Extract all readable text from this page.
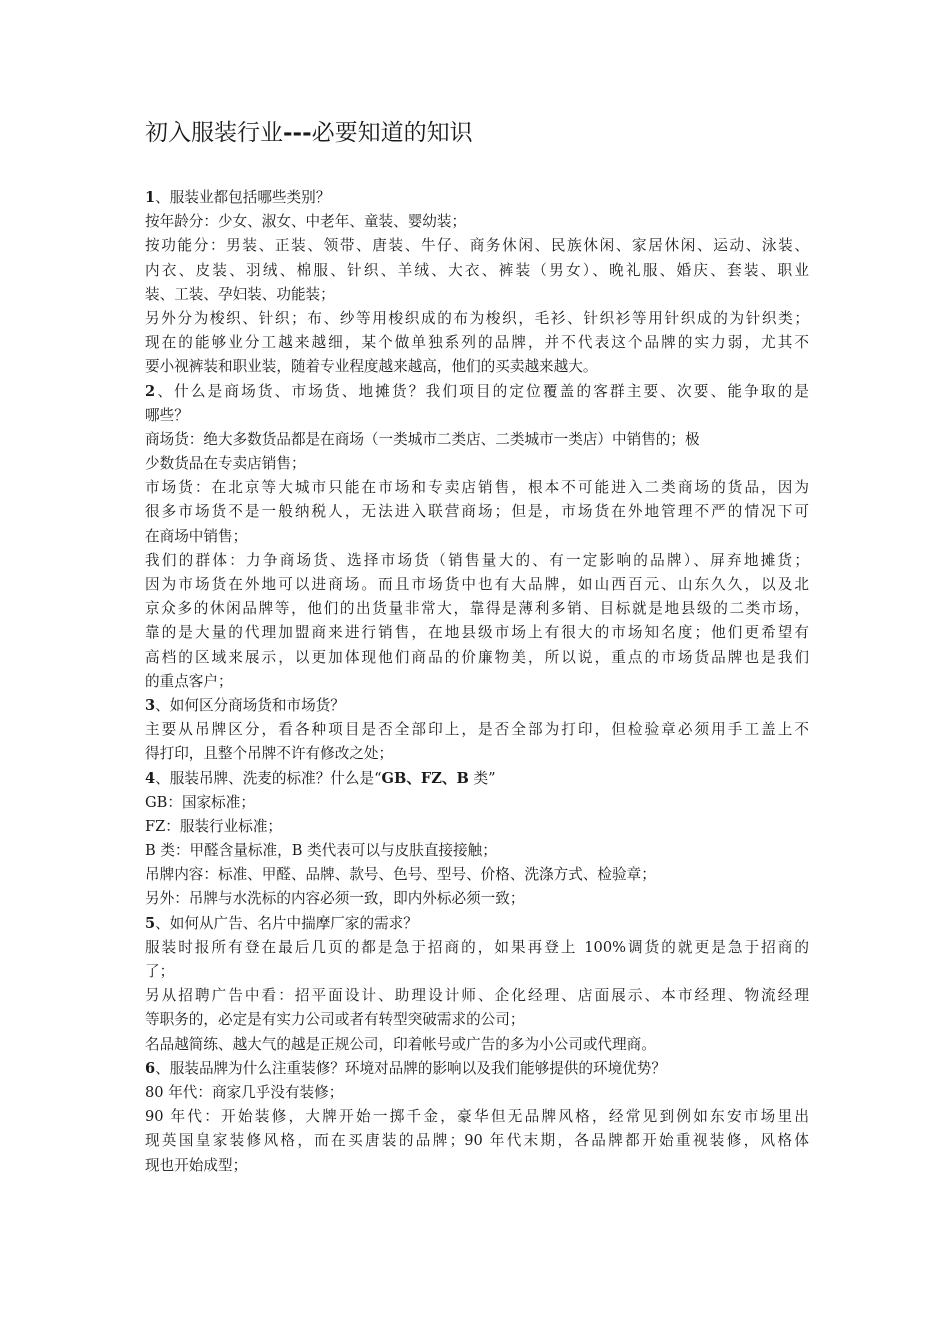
初入服装行业---必要知道的知识
1、服装业都包括哪些类别？
按年龄分：少女、淑女、中老年、童装、婴幼装；
按功能分：男装、正装、领带、唐装、牛仔、商务休闲、民族休闲、家居休闲、运动、泳装、
内衣、皮装、羽绒、棉服、针织、羊绒、大衣、裤装（男女）、晚礼服、婚庆、套装、职业
装、工装、孕妇装、功能装；
另外分为梭织、针织；布、纱等用梭织成的布为梭织，毛衫、针织衫等用针织成的为针织类；
现在的能够业分工越来越细，某个做单独系列的品牌，并不代表这个品牌的实力弱，尤其不
要小视裤装和职业装，随着专业程度越来越高，他们的买卖越来越大。
2、什么是商场货、市场货、地摊货？我们项目的定位覆盖的客群主要、次要、能争取的是
哪些？
商场货：绝大多数货品都是在商场（一类城市二类店、二类城市一类店）中销售的；极
少数货品在专卖店销售；
市场货：在北京等大城市只能在市场和专卖店销售，根本不可能进入二类商场的货品，因为
很多市场货不是一般纳税人，无法进入联营商场；但是，市场货在外地管理不严的情况下可
在商场中销售；
我们的群体：力争商场货、选择市场货（销售量大的、有一定影响的品牌）、屏弃地摊货；
因为市场货在外地可以进商场。而且市场货中也有大品牌，如山西百元、山东久久，以及北
京众多的休闲品牌等，他们的出货量非常大，靠得是薄利多销、目标就是地县级的二类市场，
靠的是大量的代理加盟商来进行销售，在地县级市场上有很大的市场知名度；他们更希望有
高档的区域来展示，以更加体现他们商品的价廉物美，所以说，重点的市场货品牌也是我们
的重点客户；
3、如何区分商场货和市场货？
主要从吊牌区分，看各种项目是否全部印上，是否全部为打印，但检验章必须用手工盖上不
得打印，且整个吊牌不许有修改之处；
4、服装吊牌、洗麦的标准？什么是“GB、FZ、B 类”
GB：国家标准；
FZ：服装行业标准；
B 类：甲醛含量标准，B 类代表可以与皮肤直接接触；
吊牌内容：标准、甲醛、品牌、款号、色号、型号、价格、洗涤方式、检验章；
另外：吊牌与水洗标的内容必须一致，即内外标必须一致；
5、如何从广告、名片中揣摩厂家的需求？
服装时报所有登在最后几页的都是急于招商的，如果再登上 100%调货的就更是急于招商的
了；
另从招聘广告中看：招平面设计、助理设计师、企化经理、店面展示、本市经理、物流经理
等职务的，必定是有实力公司或者有转型突破需求的公司；
名品越简练、越大气的越是正规公司，印着帐号或广告的多为小公司或代理商。
6、服装品牌为什么注重装修？环境对品牌的影响以及我们能够提供的环境优势？
80 年代：商家几乎没有装修；
90 年代：开始装修，大牌开始一掷千金，豪华但无品牌风格，经常见到例如东安市场里出
现英国皇家装修风格，而在买唐装的品牌；90 年代末期，各品牌都开始重视装修，风格体
现也开始成型；
